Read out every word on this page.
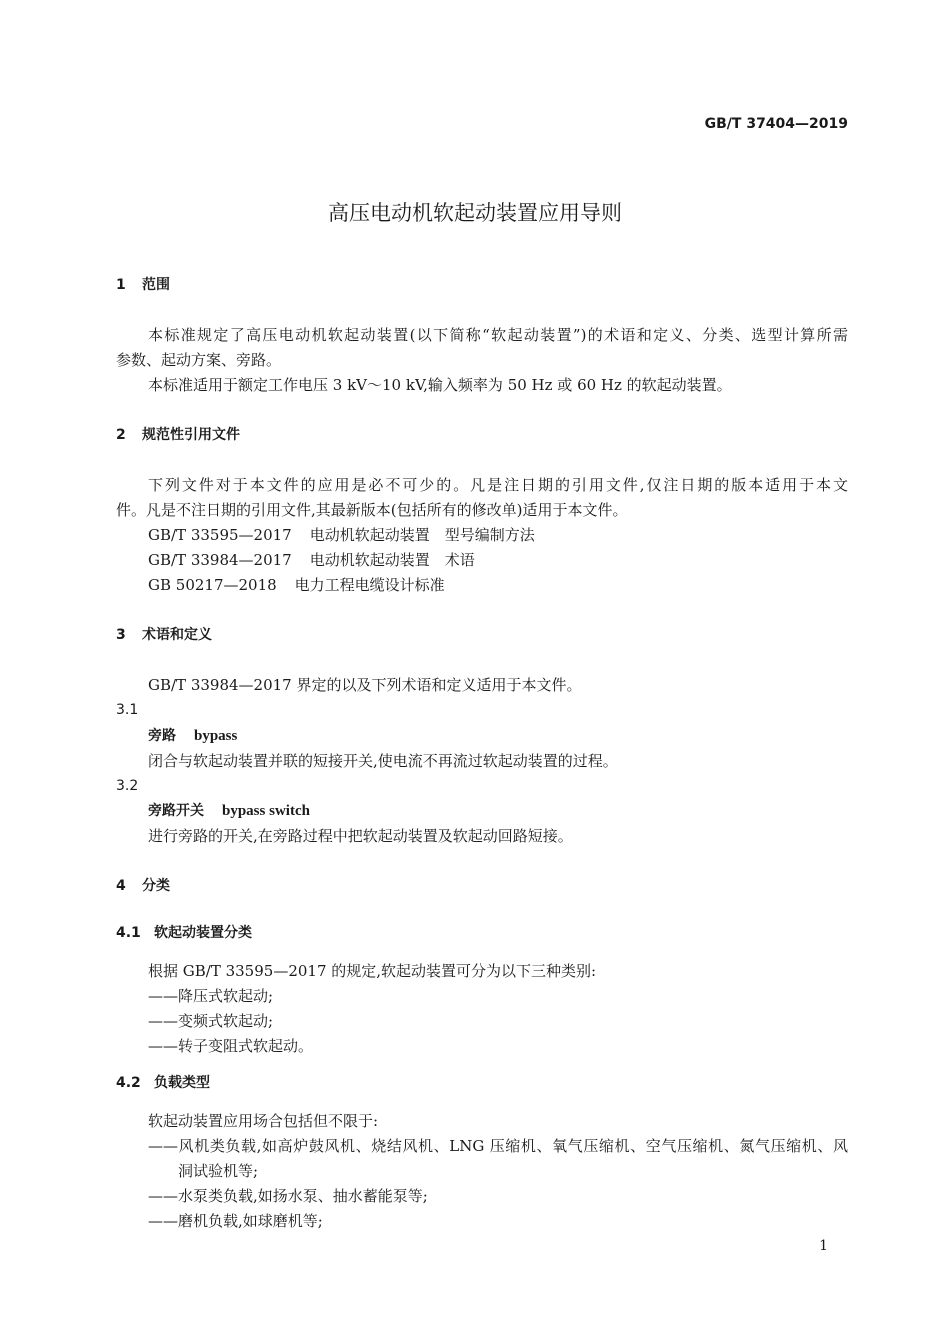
GB/T 37404—2019
高压电动机软起动装置应用导则
1 范围
本标准规定了高压电动机软起动装置(以下简称“软起动装置”)的术语和定义、分类、选型计算所需
参数、起动方案、旁路。
本标准适用于额定工作电压 3 kV～10 kV,输入频率为 50 Hz 或 60 Hz 的软起动装置。
2 规范性引用文件
下列文件对于本文件的应用是必不可少的。凡是注日期的引用文件,仅注日期的版本适用于本文
件。凡是不注日期的引用文件,其最新版本(包括所有的修改单)适用于本文件。
GB/T 33595—2017 电动机软起动装置　型号编制方法
GB/T 33984—2017 电动机软起动装置　术语
GB 50217—2018 电力工程电缆设计标准
3 术语和定义
GB/T 33984—2017 界定的以及下列术语和定义适用于本文件。
3.1
旁路 bypass
闭合与软起动装置并联的短接开关,使电流不再流过软起动装置的过程。
3.2
旁路开关 bypass switch
进行旁路的开关,在旁路过程中把软起动装置及软起动回路短接。
4 分类
4.1 软起动装置分类
根据 GB/T 33595—2017 的规定,软起动装置可分为以下三种类别:
——降压式软起动;
——变频式软起动;
——转子变阻式软起动。
4.2 负载类型
软起动装置应用场合包括但不限于:
——风机类负载,如高炉鼓风机、烧结风机、LNG 压缩机、氧气压缩机、空气压缩机、氮气压缩机、风
洞试验机等;
——水泵类负载,如扬水泵、抽水蓄能泵等;
——磨机负载,如球磨机等;
1
